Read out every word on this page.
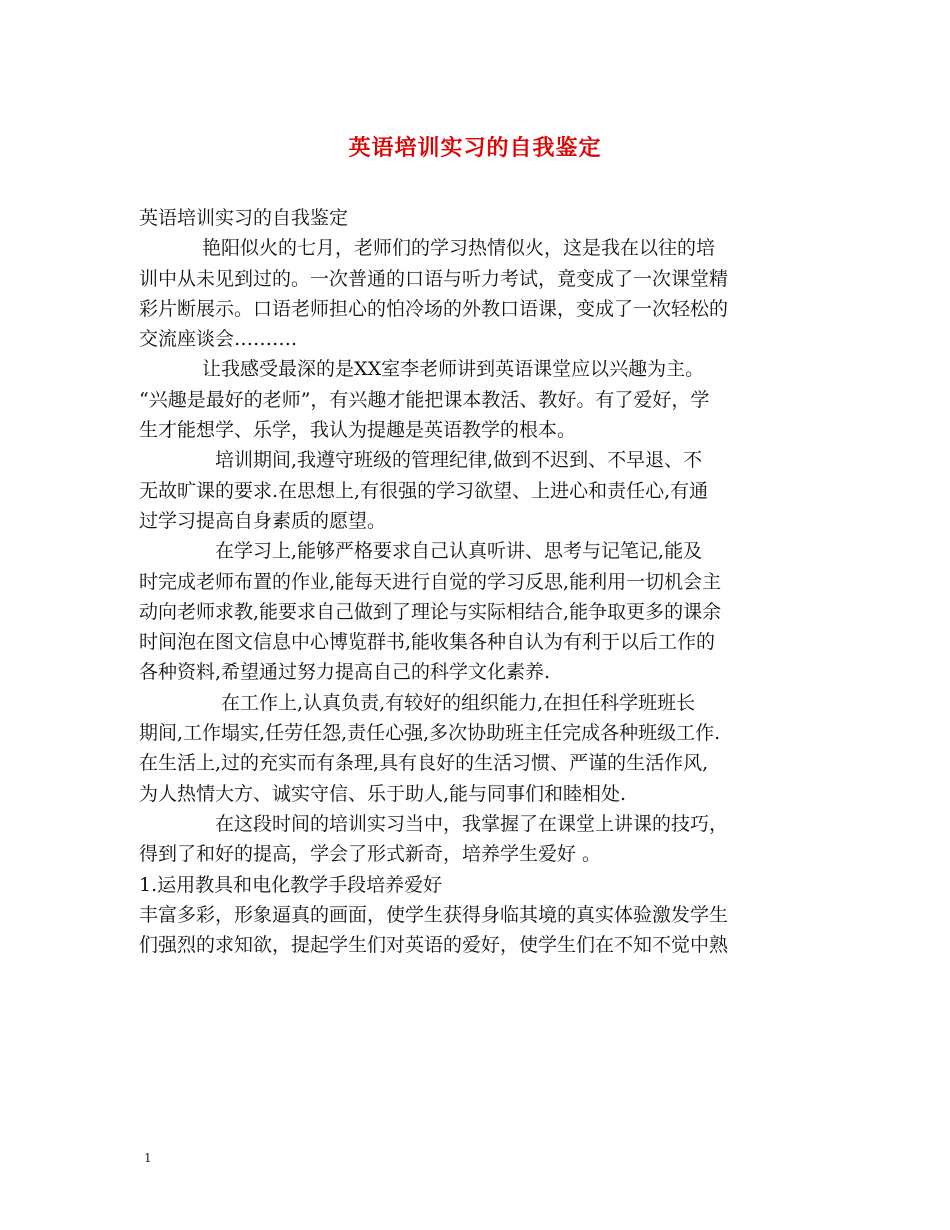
英语培训实习的自我鉴定
英语培训实习的自我鉴定
　　　 艳阳似火的七月，老师们的学习热情似火，这是我在以往的培
训中从未见到过的。一次普通的口语与听力考试，竟变成了一次课堂精
彩片断展示。口语老师担心的怕冷场的外教口语课，变成了一次轻松的
交流座谈会……….
　　　 让我感受最深的是XX室李老师讲到英语课堂应以兴趣为主。
“兴趣是最好的老师”，有兴趣才能把课本教活、教好。有了爱好，学
生才能想学、乐学，我认为提趣是英语教学的根本。
　　　　培训期间,我遵守班级的管理纪律,做到不迟到、不早退、不
无故旷课的要求.在思想上,有很强的学习欲望、上进心和责任心,有通
过学习提高自身素质的愿望。
　　　　在学习上,能够严格要求自己认真听讲、思考与记笔记,能及
时完成老师布置的作业,能每天进行自觉的学习反思,能利用一切机会主
动向老师求教,能要求自己做到了理论与实际相结合,能争取更多的课余
时间泡在图文信息中心博览群书,能收集各种自认为有利于以后工作的
各种资料,希望通过努力提高自己的科学文化素养.
　　　　 在工作上,认真负责,有较好的组织能力,在担任科学班班长
期间,工作塌实,任劳任怨,责任心强,多次协助班主任完成各种班级工作.
在生活上,过的充实而有条理,具有良好的生活习惯、严谨的生活作风,
为人热情大方、诚实守信、乐于助人,能与同事们和睦相处.
　　　　在这段时间的培训实习当中，我掌握了在课堂上讲课的技巧，
得到了和好的提高，学会了形式新奇，培养学生爱好 。
1.运用教具和电化教学手段培养爱好
丰富多彩，形象逼真的画面，使学生获得身临其境的真实体验激发学生
们强烈的求知欲，提起学生们对英语的爱好，使学生们在不知不觉中熟
1
